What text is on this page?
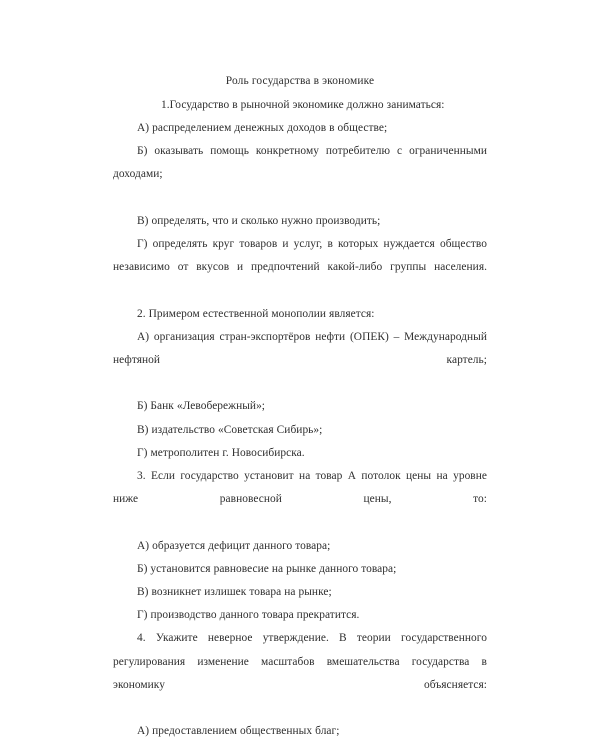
Роль государства в экономике

1.Государство в рыночной экономике должно заниматься:

А) распределением денежных доходов в обществе;

Б) оказывать помощь конкретному потребителю с ограниченными доходами;

В) определять, что и сколько нужно производить;

Г) определять круг товаров и услуг, в которых нуждается общество независимо от вкусов и предпочтений какой-либо группы населения.

2. Примером естественной монополии является:

А) организация стран-экспортёров нефти (ОПЕК) – Международный нефтяной картель;

Б) Банк «Левобережный»;

В) издательство «Советская Сибирь»;

Г) метрополитен г. Новосибирска.

3. Если государство установит на товар А потолок цены на уровне ниже равновесной цены, то:

А) образуется дефицит данного товара;

Б) установится равновесие на рынке данного товара;

В) возникнет излишек товара на рынке;

Г) производство данного товара прекратится.

4. Укажите неверное утверждение. В теории государственного регулирования изменение масштабов вмешательства государства в экономику объясняется:

А) предоставлением общественных благ;
